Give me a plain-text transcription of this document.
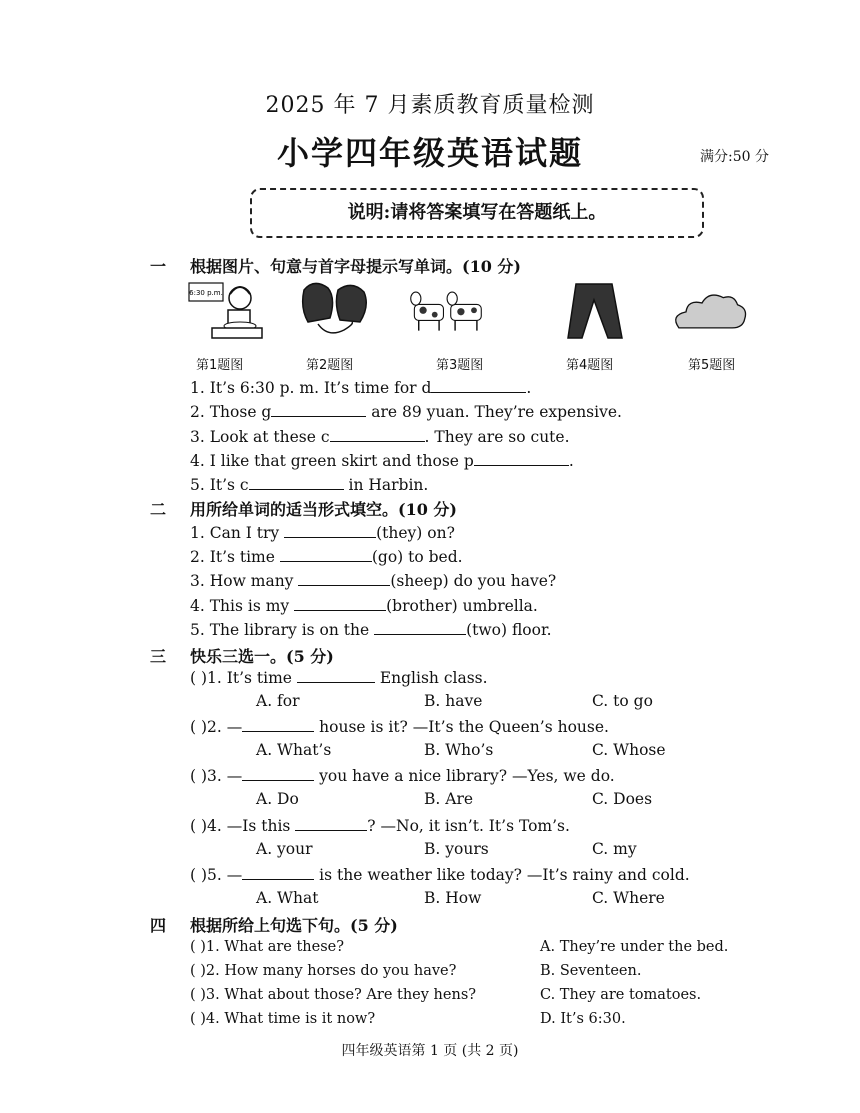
2025 年 7 月素质教育质量检测
小学四年级英语试题	满分:50 分
说明:请将答案填写在答题纸上。
一 根据图片、句意与首字母提示写单词。(10 分)
6:30 p.m.
第1题图	第2题图	第3题图	第4题图	第5题图
1. It’s 6:30 p. m. It’s time for d	.
2. Those g	are 89 yuan. They’re expensive.
3. Look at these c	. They are so cute.
4. I like that green skirt and those p	.
5. It’s c	in Harbin.
二 用所给单词的适当形式填空。(10 分)
1. Can I try	(they) on?
2. It’s time	(go) to bed.
3. How many	(sheep) do you have?
4. This is my	(brother) umbrella.
5. The library is on the	(two) floor.
三 快乐三选一。(5 分)
( )1. It’s time	English class.
A. for	B. have	C. to go
( )2. —	house is it? —It’s the Queen’s house.
A. What’s	B. Who’s	C. Whose
( )3. —	you have a nice library? —Yes, we do.
A. Do	B. Are	C. Does
( )4. —Is this	? —No, it isn’t. It’s Tom’s.
A. your	B. yours	C. my
( )5. —	is the weather like today? —It’s rainy and cold.
A. What	B. How	C. Where
四 根据所给上句选下句。(5 分)
( )1. What are these?	A. They’re under the bed.
( )2. How many horses do you have?	B. Seventeen.
( )3. What about those? Are they hens?	C. They are tomatoes.
( )4. What time is it now?	D. It’s 6:30.
四年级英语第 1 页 (共 2 页)
